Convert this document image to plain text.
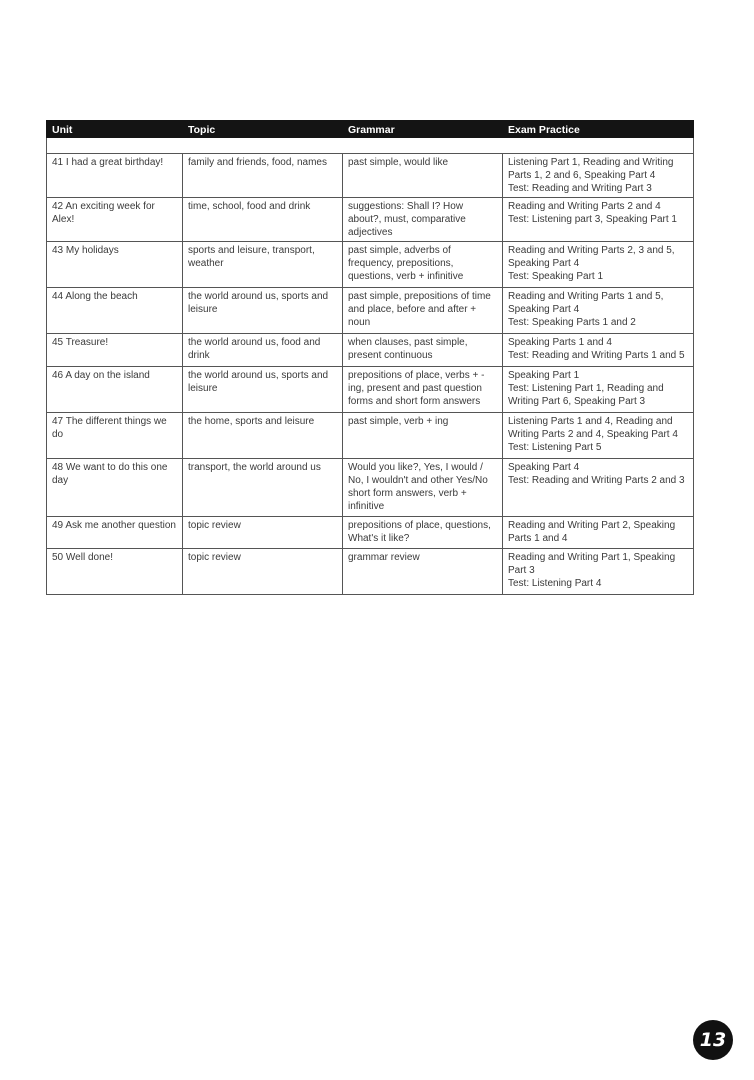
Unit	Topic	Grammar	Exam Practice

41 I had a great birthday!	family and friends, food, names	past simple, would like	Listening Part 1, Reading and Writing Parts 1, 2 and 6, Speaking Part 4
Test: Reading and Writing Part 3

42 An exciting week for Alex!	time, school, food and drink	suggestions: Shall I? How about?, must, comparative adjectives	Reading and Writing Parts 2 and 4
Test: Listening part 3, Speaking Part 1

43 My holidays	sports and leisure, transport, weather	past simple, adverbs of frequency, prepositions, questions, verb + infinitive	Reading and Writing Parts 2, 3 and 5, Speaking Part 4
Test: Speaking Part 1

44 Along the beach	the world around us, sports and leisure	past simple, prepositions of time and place, before and after + noun	Reading and Writing Parts 1 and 5, Speaking Part 4
Test: Speaking Parts 1 and 2

45 Treasure!	the world around us, food and drink	when clauses, past simple, present continuous	Speaking Parts 1 and 4
Test: Reading and Writing Parts 1 and 5

46 A day on the island	the world around us, sports and leisure	prepositions of place, verbs + -ing, present and past question forms and short form answers	Speaking Part 1
Test: Listening Part 1, Reading and Writing Part 6, Speaking Part 3

47 The different things we do	the home, sports and leisure	past simple, verb + ing	Listening Parts 1 and 4, Reading and Writing Parts 2 and 4, Speaking Part 4
Test: Listening Part 5

48 We want to do this one day	transport, the world around us	Would you like?, Yes, I would / No, I wouldn't and other Yes/No short form answers, verb + infinitive	Speaking Part 4
Test: Reading and Writing Parts 2 and 3

49 Ask me another question	topic review	prepositions of place, questions, What's it like?	Reading and Writing Part 2, Speaking Parts 1 and 4

50 Well done!	topic review	grammar review	Reading and Writing Part 1, Speaking Part 3
Test: Listening Part 4
13
